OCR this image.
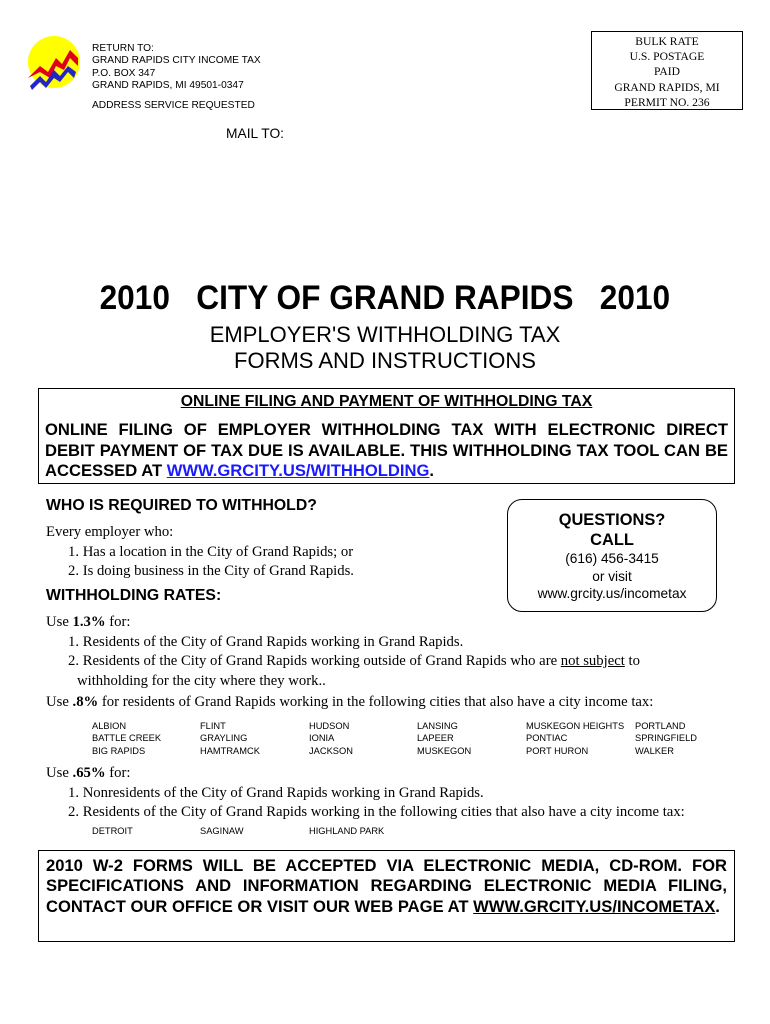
RETURN TO:
GRAND RAPIDS CITY INCOME TAX
P.O. BOX 347
GRAND RAPIDS, MI 49501-0347
ADDRESS SERVICE REQUESTED
BULK RATE
U.S. POSTAGE
PAID
GRAND RAPIDS, MI
PERMIT NO. 236
MAIL TO:
2010   CITY OF GRAND RAPIDS   2010
EMPLOYER'S WITHHOLDING TAX
FORMS AND INSTRUCTIONS
ONLINE FILING AND PAYMENT OF WITHHOLDING TAX
ONLINE FILING OF EMPLOYER WITHHOLDING TAX WITH ELECTRONIC DIRECT DEBIT PAYMENT OF TAX DUE IS AVAILABLE. THIS WITHHOLDING TAX TOOL CAN BE ACCESSED AT WWW.GRCITY.US/WITHHOLDING.
WHO IS REQUIRED TO WITHHOLD?
Every employer who:
1. Has a location in the City of Grand Rapids; or
2. Is doing business in the City of Grand Rapids.
QUESTIONS?
CALL
(616) 456-3415
or visit
www.grcity.us/incometax
WITHHOLDING RATES:
Use 1.3% for:
1. Residents of the City of Grand Rapids working in Grand Rapids.
2. Residents of the City of Grand Rapids working outside of Grand Rapids who are not subject to
withholding for the city where they work..
Use .8% for residents of Grand Rapids working in the following cities that also have a city income tax:
ALBION
BATTLE CREEK
BIG RAPIDS
FLINT
GRAYLING
HAMTRAMCK
HUDSON
IONIA
JACKSON
LANSING
LAPEER
MUSKEGON
MUSKEGON HEIGHTS
PONTIAC
PORT HURON
PORTLAND
SPRINGFIELD
WALKER
Use .65% for:
1. Nonresidents of the City of Grand Rapids working in Grand Rapids.
2. Residents of the City of Grand Rapids working in the following cities that also have a city income tax:
DETROIT	SAGINAW	HIGHLAND PARK
2010 W-2 FORMS WILL BE ACCEPTED VIA ELECTRONIC MEDIA, CD-ROM. FOR SPECIFICATIONS AND INFORMATION REGARDING ELECTRONIC MEDIA FILING, CONTACT OUR OFFICE OR VISIT OUR WEB PAGE AT WWW.GRCITY.US/INCOMETAX.
